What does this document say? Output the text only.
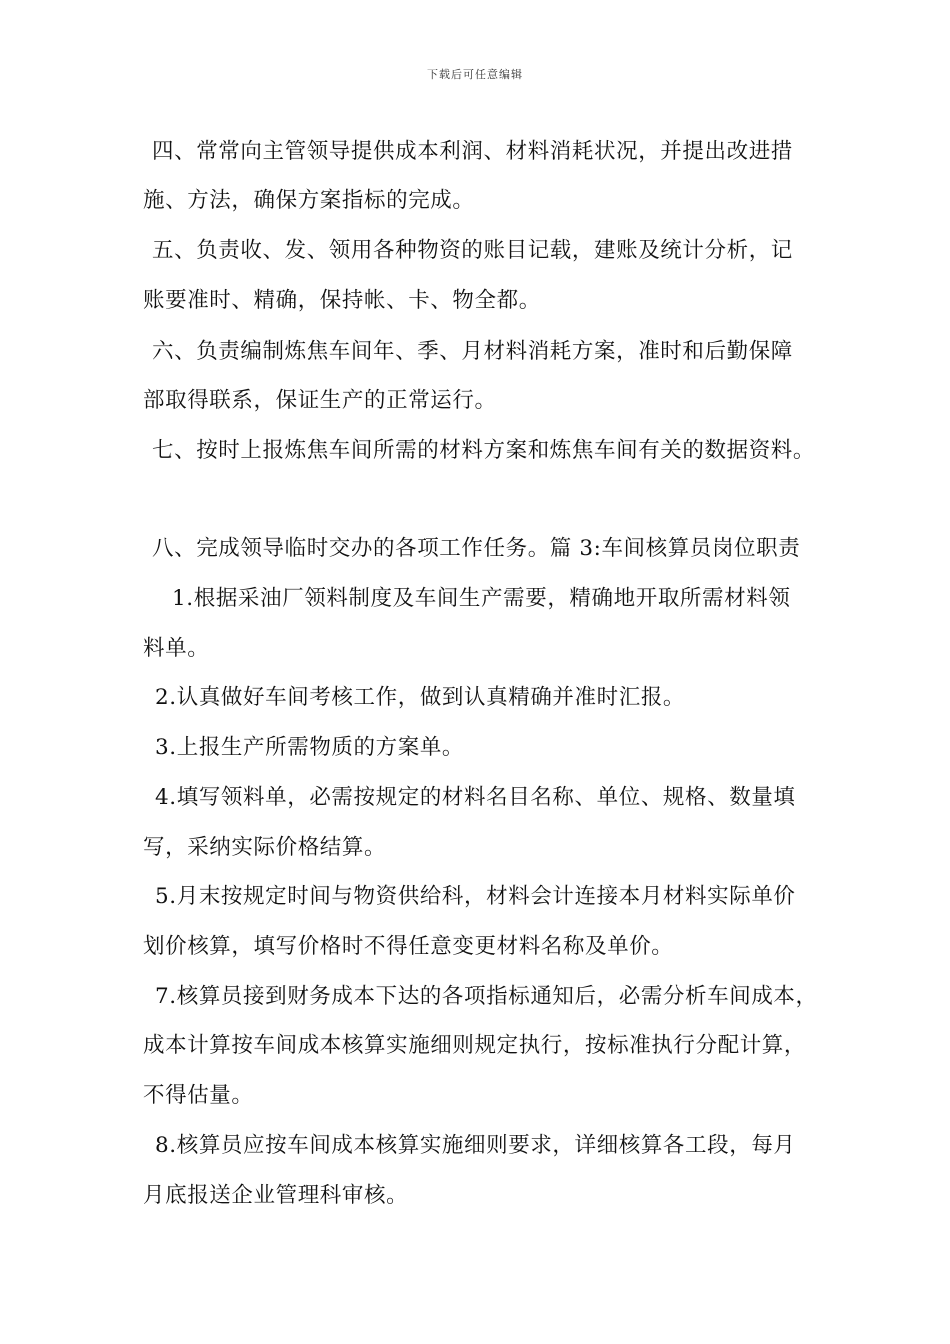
下载后可任意编辑
四、常常向主管领导提供成本利润、材料消耗状况，并提出改进措
施、方法，确保方案指标的完成。
五、负责收、发、领用各种物资的账目记载，建账及统计分析，记
账要准时、精确，保持帐、卡、物全都。
六、负责编制炼焦车间年、季、月材料消耗方案，准时和后勤保障
部取得联系，保证生产的正常运行。
七、按时上报炼焦车间所需的材料方案和炼焦车间有关的数据资料。
八、完成领导临时交办的各项工作任务。篇 3:车间核算员岗位职责
1.根据采油厂领料制度及车间生产需要，精确地开取所需材料领
料单。
2.认真做好车间考核工作，做到认真精确并准时汇报。
3.上报生产所需物质的方案单。
4.填写领料单，必需按规定的材料名目名称、单位、规格、数量填
写，采纳实际价格结算。
5.月末按规定时间与物资供给科，材料会计连接本月材料实际单价
划价核算，填写价格时不得任意变更材料名称及单价。
7.核算员接到财务成本下达的各项指标通知后，必需分析车间成本，
成本计算按车间成本核算实施细则规定执行，按标准执行分配计算，
不得估量。
8.核算员应按车间成本核算实施细则要求，详细核算各工段，每月
月底报送企业管理科审核。
